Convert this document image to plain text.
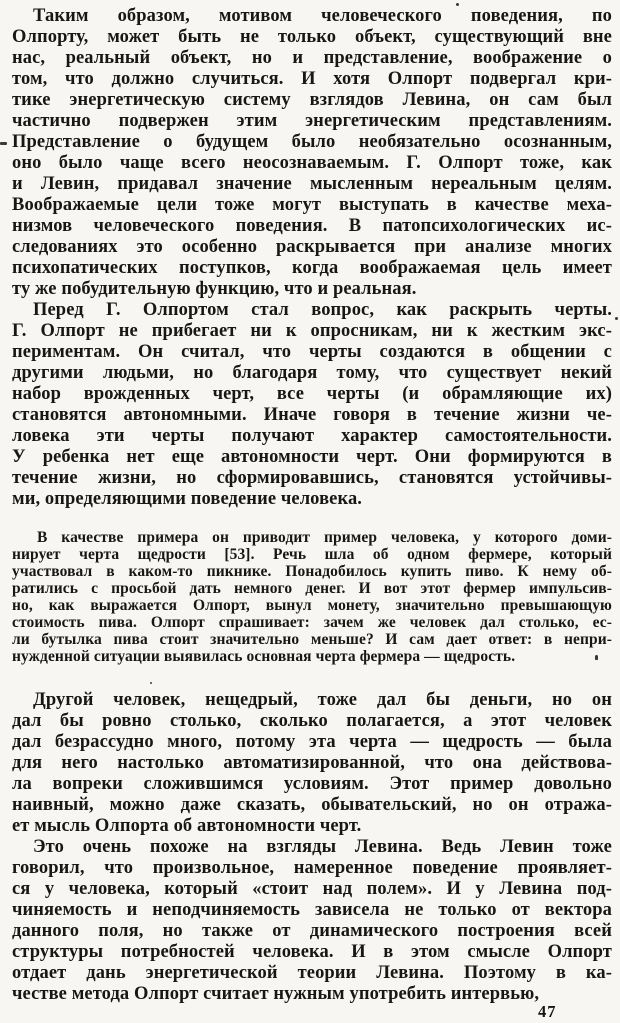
Таким образом, мотивом человеческого поведения, по
Олпорту, может быть не только объект, существующий вне
нас, реальный объект, но и представление, воображение о
том, что должно случиться. И хотя Олпорт подвергал кри-
тике энергетическую систему взглядов Левина, он сам был
частично подвержен этим энергетическим представлениям.
Представление о будущем было необязательно осознанным,
оно было чаще всего неосознаваемым. Г. Олпорт тоже, как
и Левин, придавал значение мысленным нереальным целям.
Воображаемые цели тоже могут выступать в качестве меха-
низмов человеческого поведения. В патопсихологических ис-
следованиях это особенно раскрывается при анализе многих
психопатических поступков, когда воображаемая цель имеет
ту же побудительную функцию, что и реальная.
Перед Г. Олпортом стал вопрос, как раскрыть черты.
Г. Олпорт не прибегает ни к опросникам, ни к жестким экс-
периментам. Он считал, что черты создаются в общении с
другими людьми, но благодаря тому, что существует некий
набор врожденных черт, все черты (и обрамляющие их)
становятся автономными. Иначе говоря в течение жизни че-
ловека эти черты получают характер самостоятельности.
У ребенка нет еще автономности черт. Они формируются в
течение жизни, но сформировавшись, становятся устойчивы-
ми, определяющими поведение человека.
В качестве примера он приводит пример человека, у которого доми-
нирует черта щедрости [53]. Речь шла об одном фермере, который
участвовал в каком-то пикнике. Понадобилось купить пиво. К нему об-
ратились с просьбой дать немного денег. И вот этот фермер импульсив-
но, как выражается Олпорт, вынул монету, значительно превышающую
стоимость пива. Олпорт спрашивает: зачем же человек дал столько, ес-
ли бутылка пива стоит значительно меньше? И сам дает ответ: в непри-
нужденной ситуации выявилась основная черта фермера — щедрость.
Другой человек, нещедрый, тоже дал бы деньги, но он
дал бы ровно столько, сколько полагается, а этот человек
дал безрассудно много, потому эта черта — щедрость — была
для него настолько автоматизированной, что она действова-
ла вопреки сложившимся условиям. Этот пример довольно
наивный, можно даже сказать, обывательский, но он отража-
ет мысль Олпорта об автономности черт.
Это очень похоже на взгляды Левина. Ведь Левин тоже
говорил, что произвольное, намеренное поведение проявляет-
ся у человека, который «стоит над полем». И у Левина под-
чиняемость и неподчиняемость зависела не только от вектора
данного поля, но также от динамического построения всей
структуры потребностей человека. И в этом смысле Олпорт
отдает дань энергетической теории Левина. Поэтому в ка-
честве метода Олпорт считает нужным употребить интервью,
47
